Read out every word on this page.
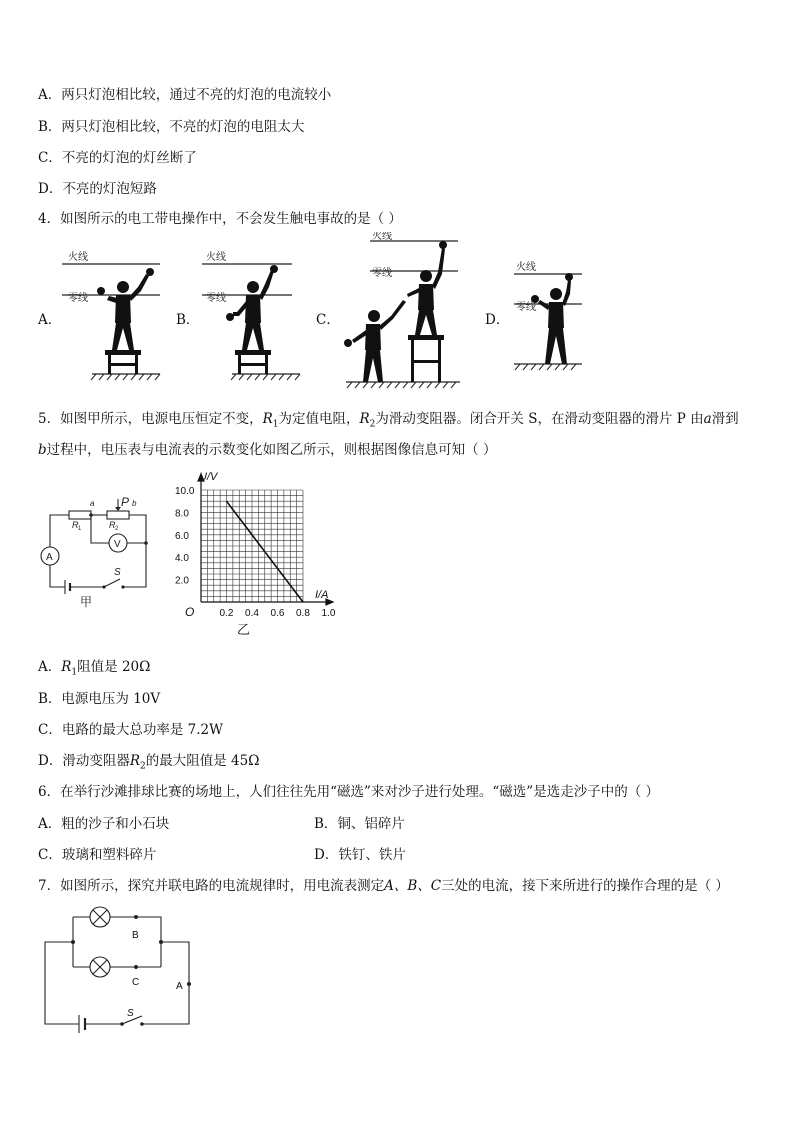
A．两只灯泡相比较，通过不亮的灯泡的电流较小
B．两只灯泡相比较，不亮的灯泡的电阻太大
C．不亮的灯泡的灯丝断了
D．不亮的灯泡短路
4．如图所示的电工带电操作中，不会发生触电事故的是（ ）
火线
零线
火线
零线
火线
零线
火线
零线
A．	B．	C．	D．
5．如图甲所示，电源电压恒定不变，$R_1$为定值电阻，$R_2$为滑动变阻器。闭合开关 S，在滑动变阻器的滑片 P 由a滑到
b过程中，电压表与电流表的示数变化如图乙所示，则根据图像信息可知（ ）
a P b
R 1	R 2
A
V
S
甲
0.2 0.4 0.6 0.8 1.0
2.0
4.0
6.0
8.0
10.0
U/V
I/A
O
乙
A．$R_1$阻值是 20Ω
B．电源电压为 10V
C．电路的最大总功率是 7.2W
D．滑动变阻器$R_2$的最大阻值是 45Ω
6．在举行沙滩排球比赛的场地上，人们往往先用“磁选”来对沙子进行处理。“磁选”是选走沙子中的（ ）
A．粗的沙子和小石块	B．铜、铝碎片
C．玻璃和塑料碎片	D．铁钉、铁片
7．如图所示，探究并联电路的电流规律时，用电流表测定A、B、C三处的电流，接下来所进行的操作合理的是（ ）
B
C	A
S
